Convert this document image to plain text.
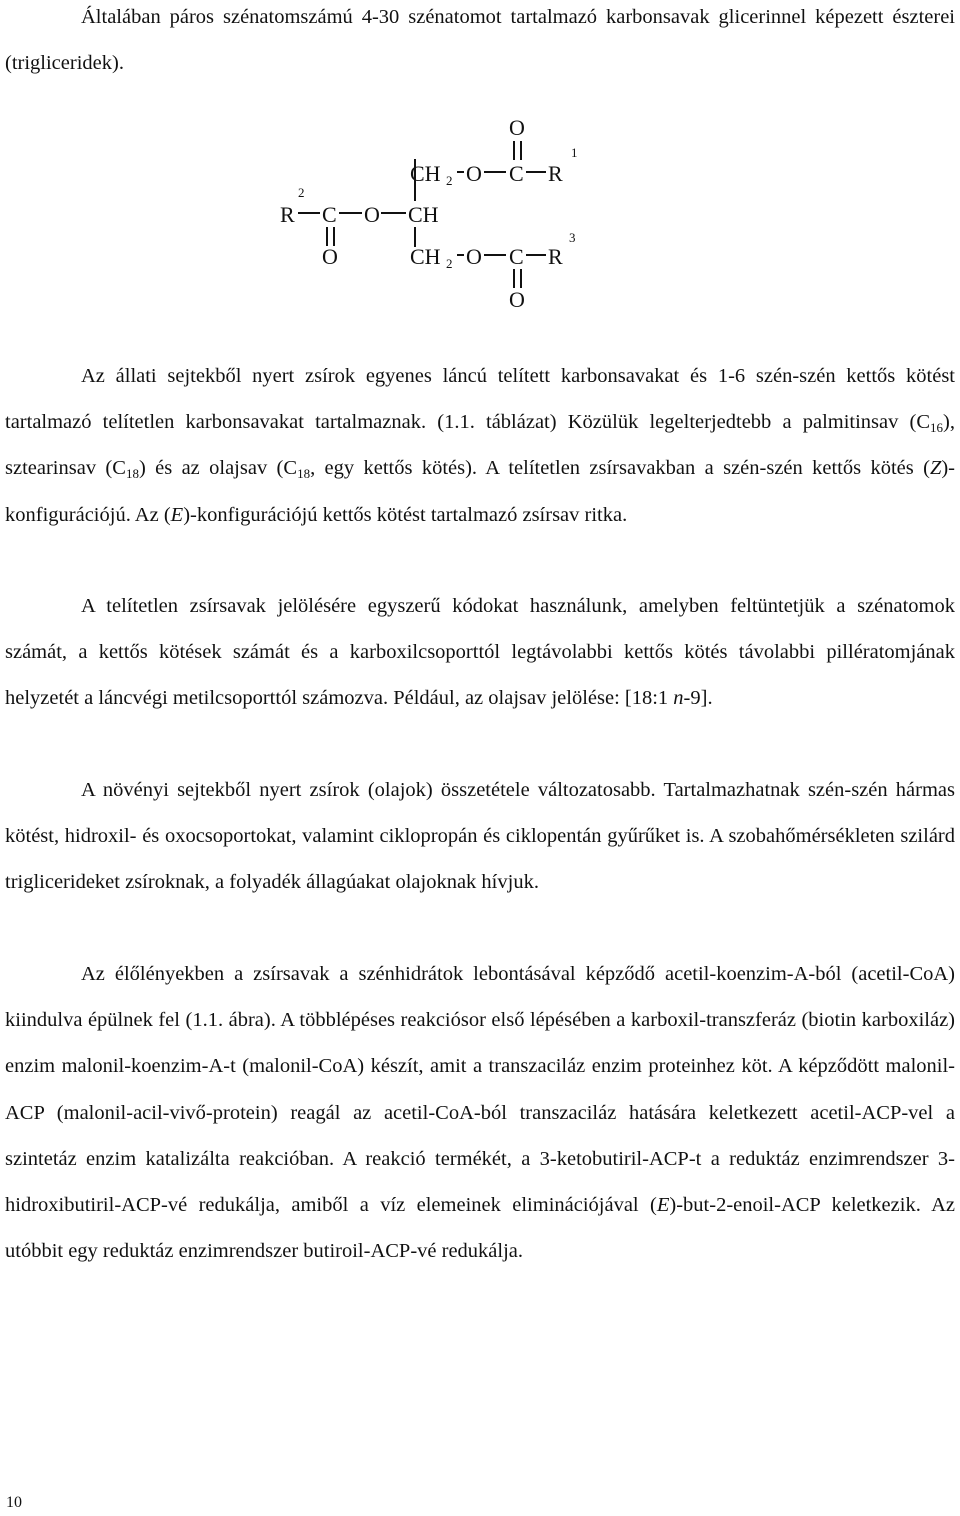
Általában páros szénatomszámú 4-30 szénatomot tartalmazó karbonsavak glicerinnel képezett észterei (trigliceridek).

O
CH 2 O C R
1
2
R C O CH
O	CH 2 O C R
3
O

Az állati sejtekből nyert zsírok egyenes láncú telített karbonsavakat és 1-6 szén-szén kettős kötést tartalmazó telítetlen karbonsavakat tartalmaznak. (1.1. táblázat) Közülük legelterjedtebb a palmitinsav $(C_{16})$, sztearinsav $(C_{18})$ és az olajsav ($C_{18}$, egy kettős kötés). A telítetlen zsírsavakban a szén-szén kettős kötés (Z)-konfigurációjú. Az (E)-konfigurációjú kettős kötést tartalmazó zsírsav ritka.

A telítetlen zsírsavak jelölésére egyszerű kódokat használunk, amelyben feltüntetjük a szénatomok számát, a kettős kötések számát és a karboxilcsoporttól legtávolabbi kettős kötés távolabbi pillératomjának helyzetét a láncvégi metilcsoporttól számozva. Például, az olajsav jelölése: [18:1 n-9].

A növényi sejtekből nyert zsírok (olajok) összetétele változatosabb. Tartalmazhatnak szén-szén hármas kötést, hidroxil- és oxocsoportokat, valamint ciklopropán és ciklopentán gyűrűket is. A szobahőmérsékleten szilárd triglicerideket zsíroknak, a folyadék állagúakat olajoknak hívjuk.

Az élőlényekben a zsírsavak a szénhidrátok lebontásával képződő acetil-koenzim-A-ból (acetil-CoA) kiindulva épülnek fel (1.1. ábra). A többlépéses reakciósor első lépésében a karboxil-transzferáz (biotin karboxiláz) enzim malonil-koenzim-A-t (malonil-CoA) készít, amit a transzaciláz enzim proteinhez köt. A képződött malonil-ACP (malonil-acil-vivő-protein) reagál az acetil-CoA-ból transzaciláz hatására keletkezett acetil-ACP-vel a szintetáz enzim katalizálta reakcióban. A reakció termékét, a 3-ketobutiril-ACP-t a reduktáz enzimrendszer 3-hidroxibutiril-ACP-vé redukálja, amiből a víz elemeinek eliminációjával (E)-but-2-enoil-ACP keletkezik. Az utóbbit egy reduktáz enzimrendszer butiroil-ACP-vé redukálja.

10
